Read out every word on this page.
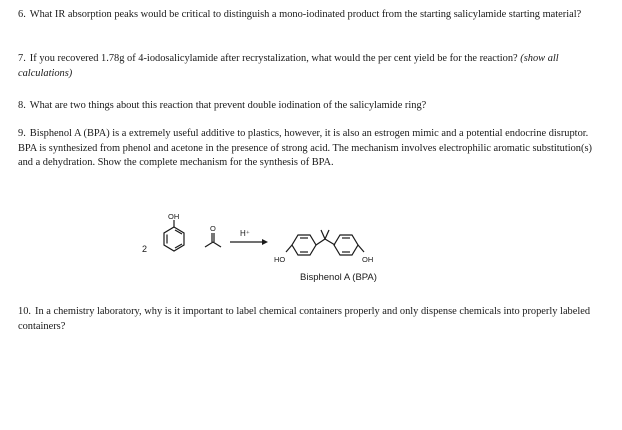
6. What IR absorption peaks would be critical to distinguish a mono-iodinated product from the starting salicylamide starting material?
7. If you recovered 1.78g of 4-iodosalicylamide after recrystalization, what would the per cent yield be for the reaction? (show all calculations)
8. What are two things about this reaction that prevent double iodination of the salicylamide ring?
9. Bisphenol A (BPA) is a extremely useful additive to plastics, however, it is also an estrogen mimic and a potential endocrine disruptor. BPA is synthesized from phenol and acetone in the presence of strong acid. The mechanism involves electrophilic aromatic substitution(s) and a dehydration. Show the complete mechanism for the synthesis of BPA.
2
OH
O
H⁺
HO	OH
Bisphenol A (BPA)
10. In a chemistry laboratory, why is it important to label chemical containers properly and only dispense chemicals into properly labeled containers?
